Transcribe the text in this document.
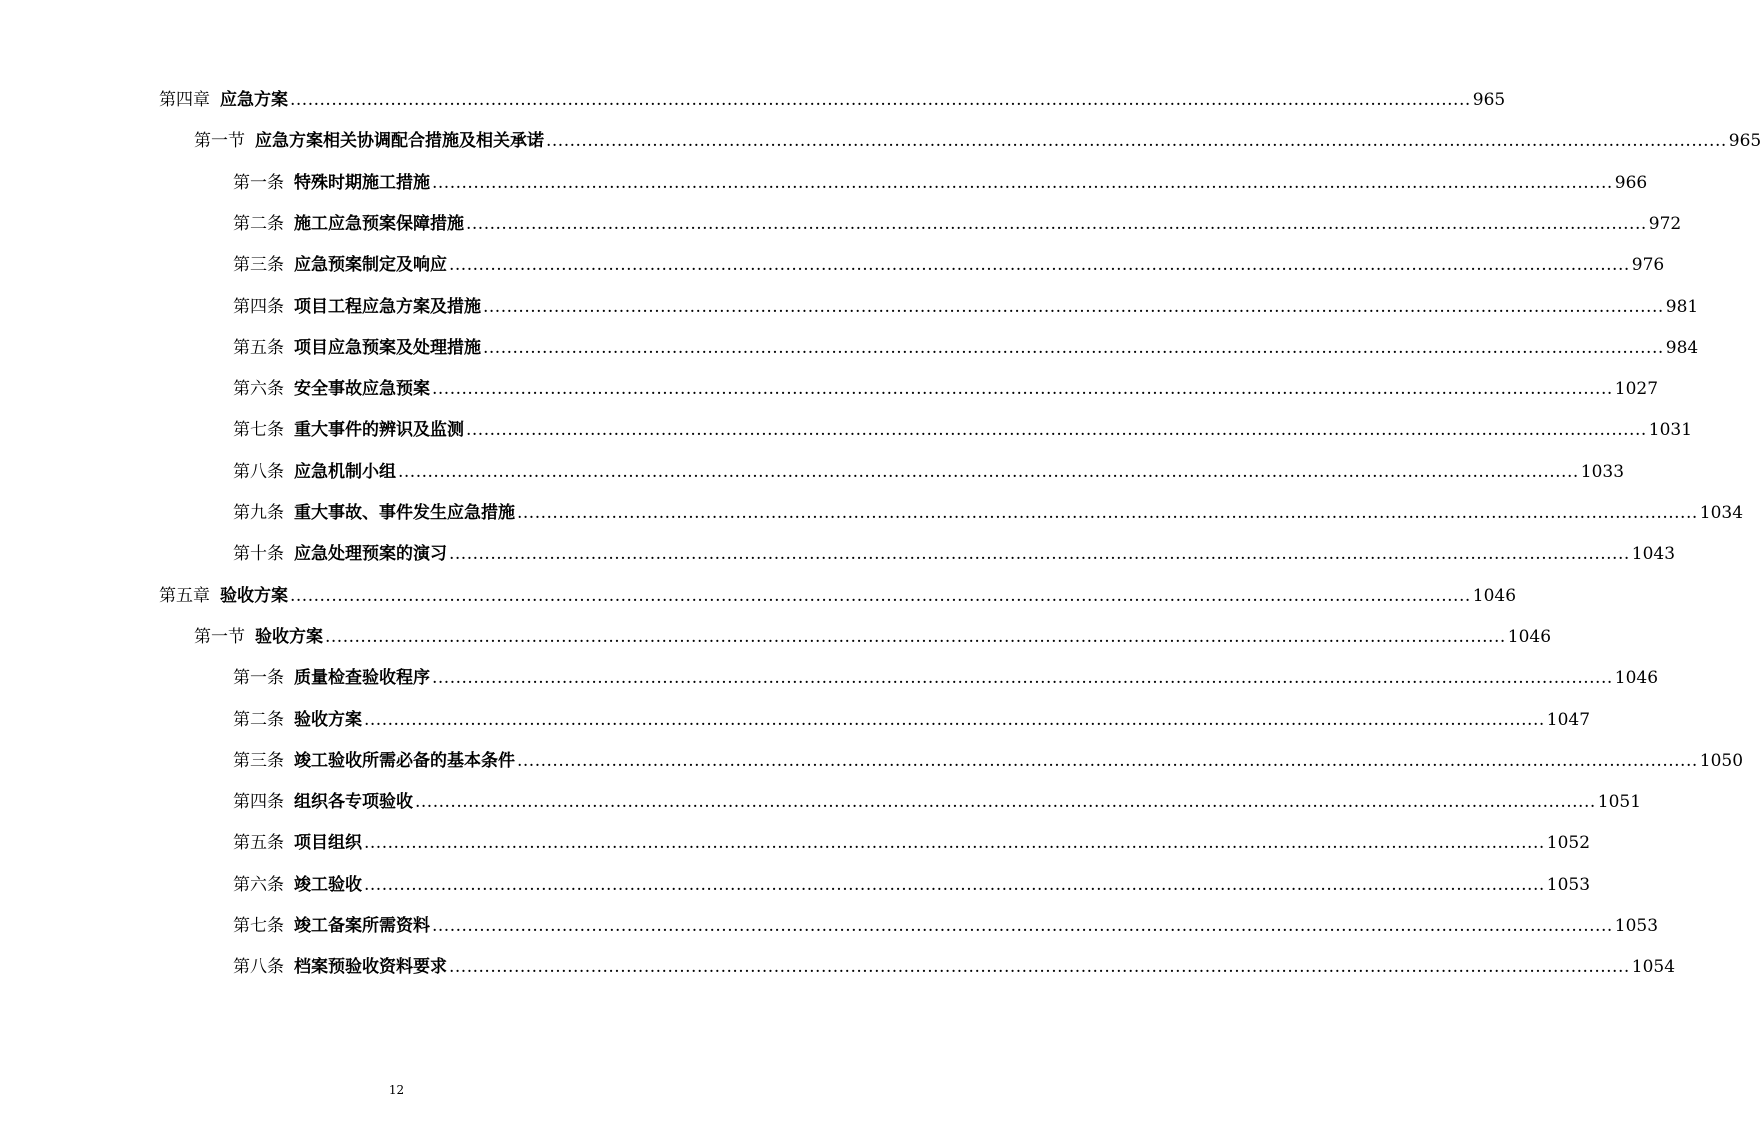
第四章 应急方案 ........................................................................................................................................................................................................ 965
第一节 应急方案相关协调配合措施及相关承诺 ........................................................................................................................................................................................................ 965
第一条 特殊时期施工措施 ........................................................................................................................................................................................................ 966
第二条 施工应急预案保障措施 ........................................................................................................................................................................................................ 972
第三条 应急预案制定及响应 ........................................................................................................................................................................................................ 976
第四条 项目工程应急方案及措施 ........................................................................................................................................................................................................ 981
第五条 项目应急预案及处理措施 ........................................................................................................................................................................................................ 984
第六条 安全事故应急预案 ........................................................................................................................................................................................................ 1027
第七条 重大事件的辨识及监测 ........................................................................................................................................................................................................ 1031
第八条 应急机制小组 ........................................................................................................................................................................................................ 1033
第九条 重大事故、事件发生应急措施 ........................................................................................................................................................................................................ 1034
第十条 应急处理预案的演习 ........................................................................................................................................................................................................ 1043
第五章 验收方案 ........................................................................................................................................................................................................ 1046
第一节 验收方案 ........................................................................................................................................................................................................ 1046
第一条 质量检查验收程序 ........................................................................................................................................................................................................ 1046
第二条 验收方案 ........................................................................................................................................................................................................ 1047
第三条 竣工验收所需必备的基本条件 ........................................................................................................................................................................................................ 1050
第四条 组织各专项验收 ........................................................................................................................................................................................................ 1051
第五条 项目组织 ........................................................................................................................................................................................................ 1052
第六条 竣工验收 ........................................................................................................................................................................................................ 1053
第七条 竣工备案所需资料 ........................................................................................................................................................................................................ 1053
第八条 档案预验收资料要求 ........................................................................................................................................................................................................ 1054
12
